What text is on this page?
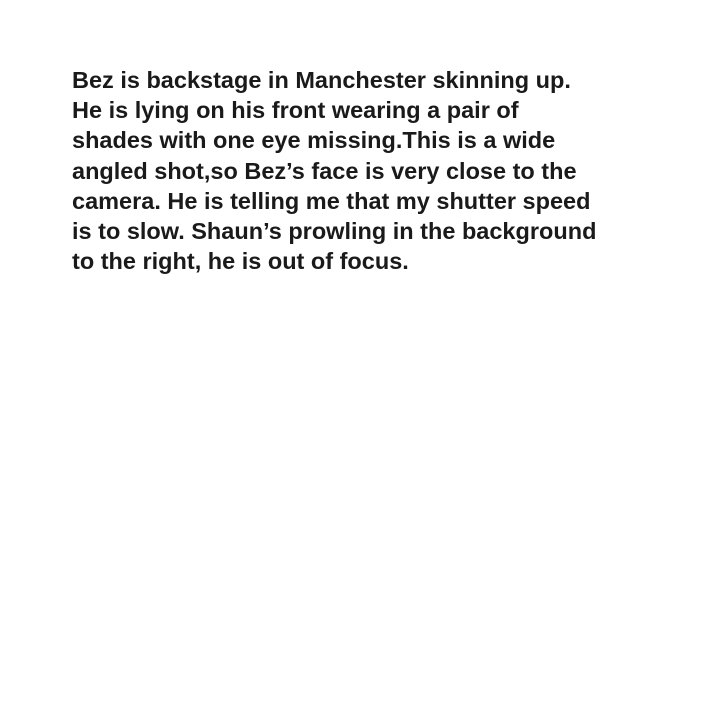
Bez is backstage in Manchester skinning up.
He is lying on his front wearing a pair of
shades with one eye missing.This is a wide
angled shot,so Bez’s face is very close to the
camera. He is telling me that my shutter speed
is to slow. Shaun’s prowling in the background
to the right, he is out of focus.
